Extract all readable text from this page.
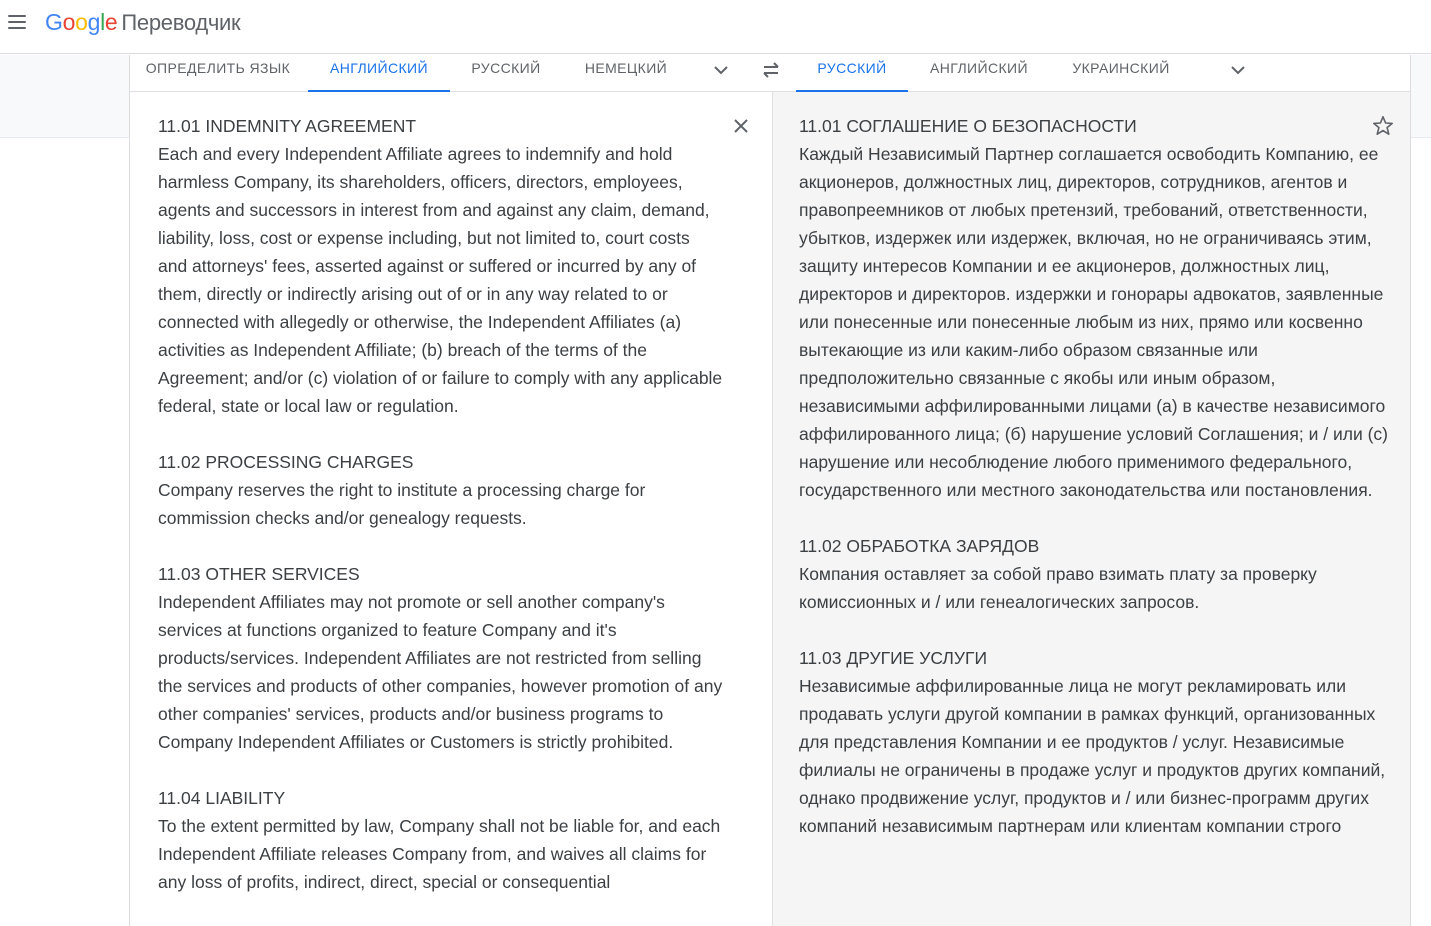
Google Переводчик
ОПРЕДЕЛИТЬ ЯЗЫК	АНГЛИЙСКИЙ	РУССКИЙ	НЕМЕЦКИЙ	РУССКИЙ	АНГЛИЙСКИЙ	УКРАИНСКИЙ
11.01 INDEMNITY AGREEMENT
Each and every Independent Affiliate agrees to indemnify and hold harmless Company, its shareholders, officers, directors, employees, agents and successors in interest from and against any claim, demand, liability, loss, cost or expense including, but not limited to, court costs and attorneys' fees, asserted against or suffered or incurred by any of them, directly or indirectly arising out of or in any way related to or connected with allegedly or otherwise, the Independent Affiliates (a) activities as Independent Affiliate; (b) breach of the terms of the Agreement; and/or (c) violation of or failure to comply with any applicable federal, state or local law or regulation.

11.02 PROCESSING CHARGES
Company reserves the right to institute a processing charge for commission checks and/or genealogy requests.

11.03 OTHER SERVICES
Independent Affiliates may not promote or sell another company's services at functions organized to feature Company and it's products/services. Independent Affiliates are not restricted from selling the services and products of other companies, however promotion of any other companies' services, products and/or business programs to Company Independent Affiliates or Customers is strictly prohibited.

11.04 LIABILITY
To the extent permitted by law, Company shall not be liable for, and each Independent Affiliate releases Company from, and waives all claims for any loss of profits, indirect, direct, special or consequential
11.01 СОГЛАШЕНИЕ О БЕЗОПАСНОСТИ
Каждый Независимый Партнер соглашается освободить Компанию, ее акционеров, должностных лиц, директоров, сотрудников, агентов и правопреемников от любых претензий, требований, ответственности, убытков, издержек или издержек, включая, но не ограничиваясь этим, защиту интересов Компании и ее акционеров, должностных лиц, директоров и директоров. издержки и гонорары адвокатов, заявленные или понесенные или понесенные любым из них, прямо или косвенно вытекающие из или каким-либо образом связанные или предположительно связанные с якобы или иным образом, независимыми аффилированными лицами (а) в качестве независимого аффилированного лица; (б) нарушение условий Соглашения; и / или (c) нарушение или несоблюдение любого применимого федерального, государственного или местного законодательства или постановления.

11.02 ОБРАБОТКА ЗАРЯДОВ
Компания оставляет за собой право взимать плату за проверку комиссионных и / или генеалогических запросов.

11.03 ДРУГИЕ УСЛУГИ
Независимые аффилированные лица не могут рекламировать или продавать услуги другой компании в рамках функций, организованных для представления Компании и ее продуктов / услуг. Независимые филиалы не ограничены в продаже услуг и продуктов других компаний, однако продвижение услуг, продуктов и / или бизнес-программ других компаний независимым партнерам или клиентам компании строго
